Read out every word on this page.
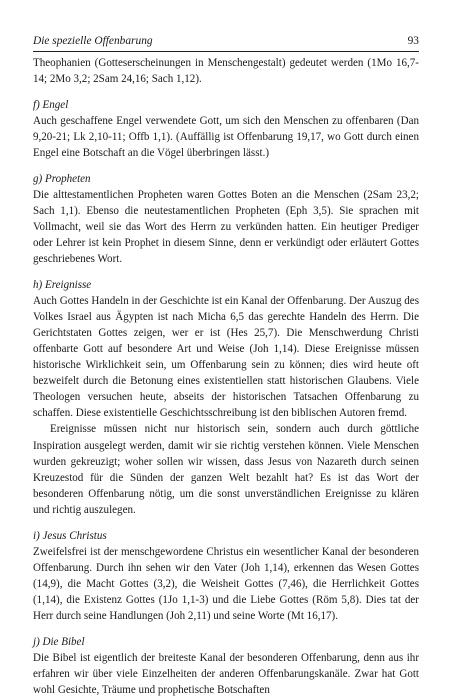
Die spezielle Offenbarung	93

Theophanien (Gotteserscheinungen in Menschengestalt) gedeutet werden (1Mo 16,7-14; 2Mo 3,2; 2Sam 24,16; Sach 1,12).

f) Engel

Auch geschaffene Engel verwendete Gott, um sich den Menschen zu offenbaren (Dan 9,20-21; Lk 2,10-11; Offb 1,1). (Auffällig ist Offenbarung 19,17, wo Gott durch einen Engel eine Botschaft an die Vögel überbringen lässt.)

g) Propheten

Die alttestamentlichen Propheten waren Gottes Boten an die Menschen (2Sam 23,2; Sach 1,1). Ebenso die neutestamentlichen Propheten (Eph 3,5). Sie sprachen mit Vollmacht, weil sie das Wort des Herrn zu verkünden hatten. Ein heutiger Prediger oder Lehrer ist kein Prophet in diesem Sinne, denn er verkündigt oder erläutert Gottes geschriebenes Wort.

h) Ereignisse

Auch Gottes Handeln in der Geschichte ist ein Kanal der Offenbarung. Der Auszug des Volkes Israel aus Ägypten ist nach Micha 6,5 das gerechte Handeln des Herrn. Die Gerichtstaten Gottes zeigen, wer er ist (Hes 25,7). Die Menschwerdung Christi offenbarte Gott auf besondere Art und Weise (Joh 1,14). Diese Ereignisse müssen historische Wirklichkeit sein, um Offenbarung sein zu können; dies wird heute oft bezweifelt durch die Betonung eines existentiellen statt historischen Glaubens. Viele Theologen versuchen heute, abseits der historischen Tatsachen Offenbarung zu schaffen. Diese existentielle Geschichtsschreibung ist den biblischen Autoren fremd.

Ereignisse müssen nicht nur historisch sein, sondern auch durch göttliche Inspiration ausgelegt werden, damit wir sie richtig verstehen können. Viele Menschen wurden gekreuzigt; woher sollen wir wissen, dass Jesus von Nazareth durch seinen Kreuzestod für die Sünden der ganzen Welt bezahlt hat? Es ist das Wort der besonderen Offenbarung nötig, um die sonst unverständlichen Ereignisse zu klären und richtig auszulegen.

i) Jesus Christus

Zweifelsfrei ist der menschgewordene Christus ein wesentlicher Kanal der besonderen Offenbarung. Durch ihn sehen wir den Vater (Joh 1,14), erkennen das Wesen Gottes (14,9), die Macht Gottes (3,2), die Weisheit Gottes (7,46), die Herrlichkeit Gottes (1,14), die Existenz Gottes (1Jo 1,1-3) und die Liebe Gottes (Röm 5,8). Dies tat der Herr durch seine Handlungen (Joh 2,11) und seine Worte (Mt 16,17).

j) Die Bibel

Die Bibel ist eigentlich der breiteste Kanal der besonderen Offenbarung, denn aus ihr erfahren wir über viele Einzelheiten der anderen Offenbarungskanäle. Zwar hat Gott wohl Gesichte, Träume und prophetische Botschaften
